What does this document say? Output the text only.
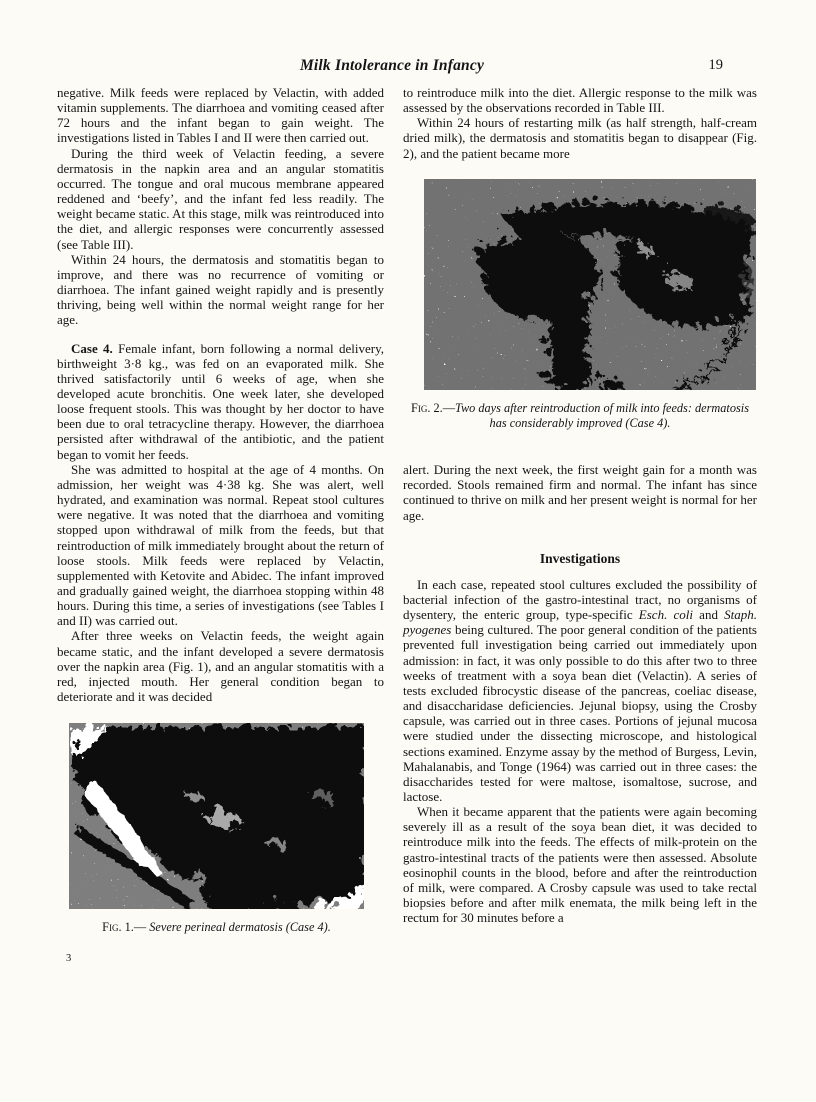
Milk Intolerance in Infancy	19

negative. Milk feeds were replaced by Velactin, with added vitamin supplements. The diarrhoea and vomiting ceased after 72 hours and the infant began to gain weight. The investigations listed in Tables I and II were then carried out.

During the third week of Velactin feeding, a severe dermatosis in the napkin area and an angular stomatitis occurred. The tongue and oral mucous membrane appeared reddened and ‘beefy’, and the infant fed less readily. The weight became static. At this stage, milk was reintroduced into the diet, and allergic responses were concurrently assessed (see Table III).

Within 24 hours, the dermatosis and stomatitis began to improve, and there was no recurrence of vomiting or diarrhoea. The infant gained weight rapidly and is presently thriving, being well within the normal weight range for her age.

Case 4. Female infant, born following a normal delivery, birthweight 3·8 kg., was fed on an evaporated milk. She thrived satisfactorily until 6 weeks of age, when she developed acute bronchitis. One week later, she developed loose frequent stools. This was thought by her doctor to have been due to oral tetracycline therapy. However, the diarrhoea persisted after withdrawal of the antibiotic, and the patient began to vomit her feeds.

She was admitted to hospital at the age of 4 months. On admission, her weight was 4·38 kg. She was alert, well hydrated, and examination was normal. Repeat stool cultures were negative. It was noted that the diarrhoea and vomiting stopped upon withdrawal of milk from the feeds, but that reintroduction of milk immediately brought about the return of loose stools. Milk feeds were replaced by Velactin, supplemented with Ketovite and Abidec. The infant improved and gradually gained weight, the diarrhoea stopping within 48 hours. During this time, a series of investigations (see Tables I and II) was carried out.

After three weeks on Velactin feeds, the weight again became static, and the infant developed a severe dermatosis over the napkin area (Fig. 1), and an angular stomatitis with a red, injected mouth. Her general condition began to deteriorate and it was decided

Fig. 1.— Severe perineal dermatosis (Case 4).
3

to reintroduce milk into the diet. Allergic response to the milk was assessed by the observations recorded in Table III.

Within 24 hours of restarting milk (as half strength, half-cream dried milk), the dermatosis and stomatitis began to disappear (Fig. 2), and the patient became more

Fig. 2.—Two days after reintroduction of milk into feeds: dermatosis has considerably improved (Case 4).

alert. During the next week, the first weight gain for a month was recorded. Stools remained firm and normal. The infant has since continued to thrive on milk and her present weight is normal for her age.

Investigations

In each case, repeated stool cultures excluded the possibility of bacterial infection of the gastro-intestinal tract, no organisms of dysentery, the enteric group, type-specific Esch. coli and Staph. pyogenes being cultured. The poor general condition of the patients prevented full investigation being carried out immediately upon admission: in fact, it was only possible to do this after two to three weeks of treatment with a soya bean diet (Velactin). A series of tests excluded fibrocystic disease of the pancreas, coeliac disease, and disaccharidase deficiencies. Jejunal biopsy, using the Crosby capsule, was carried out in three cases. Portions of jejunal mucosa were studied under the dissecting microscope, and histological sections examined. Enzyme assay by the method of Burgess, Levin, Mahalanabis, and Tonge (1964) was carried out in three cases: the disaccharides tested for were maltose, isomaltose, sucrose, and lactose.

When it became apparent that the patients were again becoming severely ill as a result of the soya bean diet, it was decided to reintroduce milk into the feeds. The effects of milk-protein on the gastro-intestinal tracts of the patients were then assessed. Absolute eosinophil counts in the blood, before and after the reintroduction of milk, were compared. A Crosby capsule was used to take rectal biopsies before and after milk enemata, the milk being left in the rectum for 30 minutes before a
